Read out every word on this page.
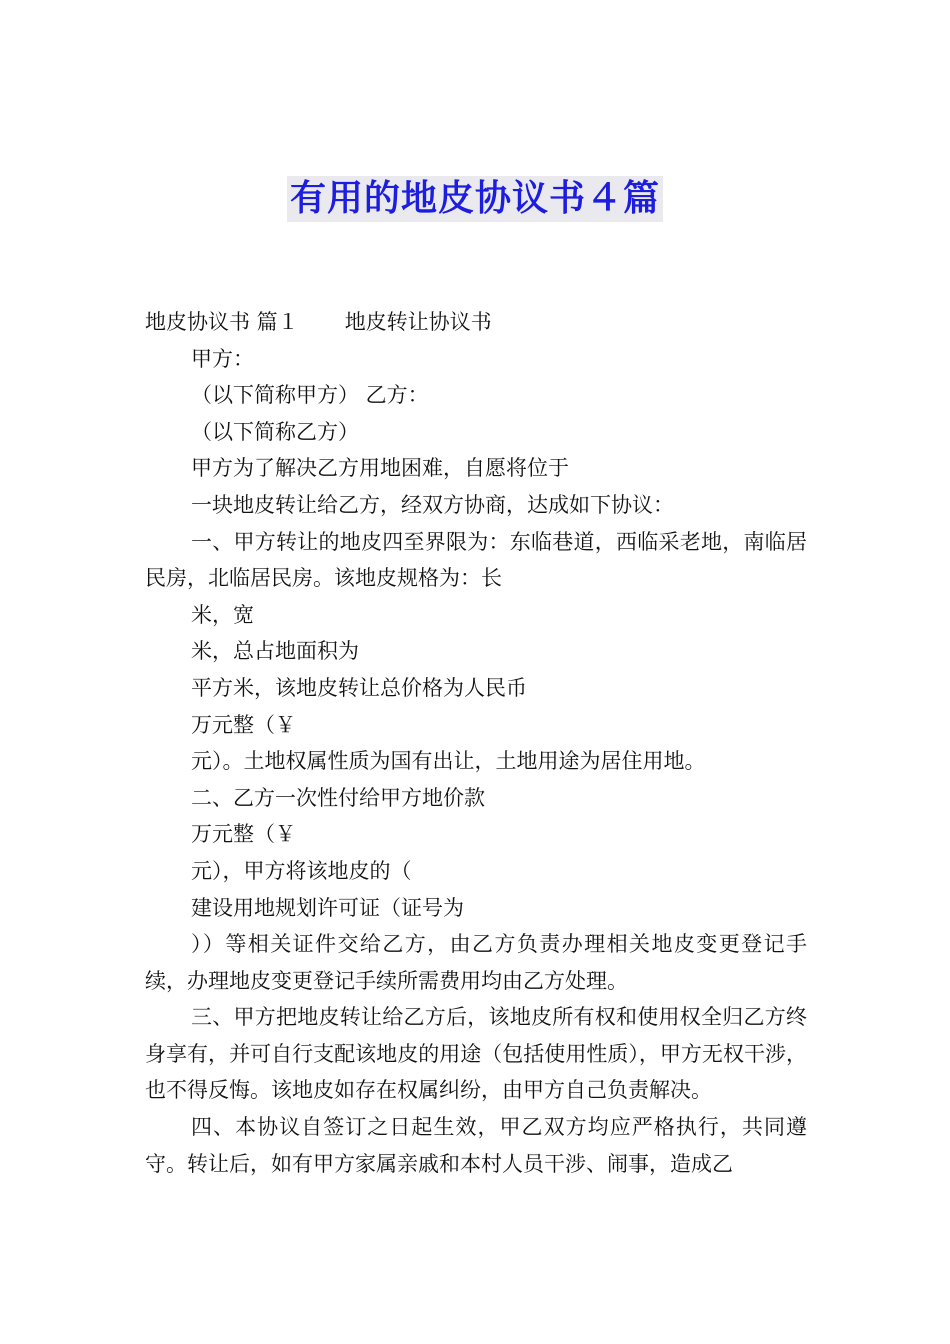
有用的地皮协议书４篇

地皮协议书 篇１ 地皮转让协议书

甲方：

（以下简称甲方） 乙方：

（以下简称乙方）

甲方为了解决乙方用地困难，自愿将位于

一块地皮转让给乙方，经双方协商，达成如下协议：

一、甲方转让的地皮四至界限为：东临巷道，西临采老地，南临居民房，北临居民房。该地皮规格为：长

米，宽

米，总占地面积为

平方米，该地皮转让总价格为人民币

万元整（￥

元）。土地权属性质为国有出让，土地用途为居住用地。

二、乙方一次性付给甲方地价款

万元整（￥

元），甲方将该地皮的（

建设用地规划许可证（证号为

））等相关证件交给乙方，由乙方负责办理相关地皮变更登记手续，办理地皮变更登记手续所需费用均由乙方处理。

三、甲方把地皮转让给乙方后，该地皮所有权和使用权全归乙方终身享有，并可自行支配该地皮的用途（包括使用性质），甲方无权干涉，也不得反悔。该地皮如存在权属纠纷，由甲方自己负责解决。

四、本协议自签订之日起生效，甲乙双方均应严格执行，共同遵守。转让后，如有甲方家属亲戚和本村人员干涉、闹事，造成乙
